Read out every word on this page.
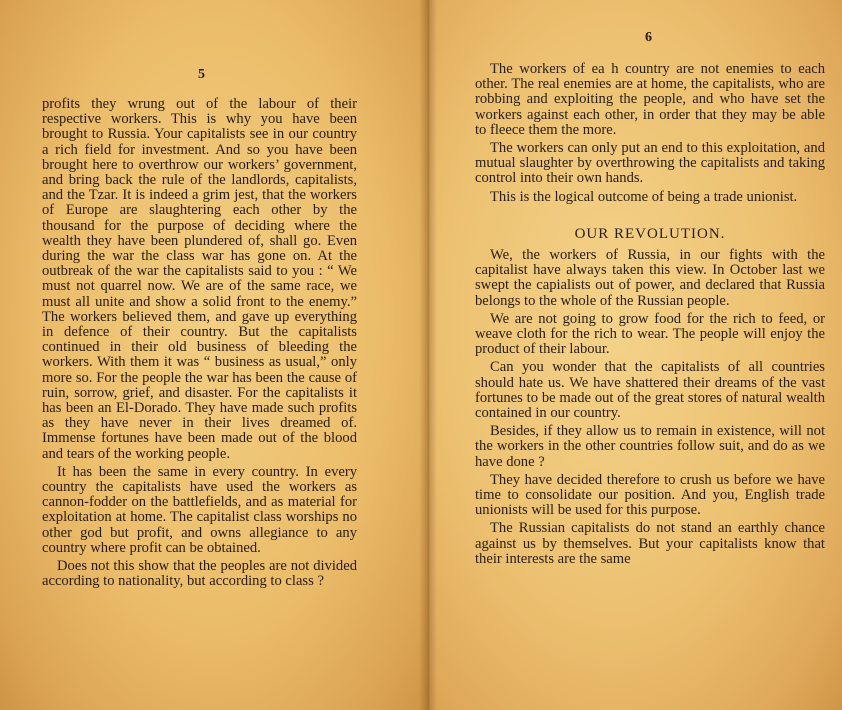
5

profits they wrung out of the labour of their respective workers. This is why you have been brought to Russia. Your capitalists see in our country a rich field for investment. And so you have been brought here to overthrow our workers’ government, and bring back the rule of the landlords, capitalists, and the Tzar. It is indeed a grim jest, that the workers of Europe are slaughtering each other by the thousand for the purpose of deciding where the wealth they have been plundered of, shall go. Even during the war the class war has gone on. At the outbreak of the war the capitalists said to you : “ We must not quarrel now. We are of the same race, we must all unite and show a solid front to the enemy.” The workers believed them, and gave up everything in defence of their country. But the capitalists continued in their old business of bleeding the workers. With them it was “ business as usual,” only more so. For the people the war has been the cause of ruin, sorrow, grief, and disaster. For the capitalists it has been an El-Dorado. They have made such profits as they have never in their lives dreamed of. Immense fortunes have been made out of the blood and tears of the working people.

It has been the same in every country. In every country the capitalists have used the workers as cannon-fodder on the battlefields, and as material for exploitation at home. The capitalist class worships no other god but profit, and owns allegiance to any country where profit can be obtained.

Does not this show that the peoples are not divided according to nationality, but according to class ?

6

The workers of ea h country are not enemies to each other. The real enemies are at home, the capitalists, who are robbing and exploiting the people, and who have set the workers against each other, in order that they may be able to fleece them the more.

The workers can only put an end to this exploitation, and mutual slaughter by overthrowing the capitalists and taking control into their own hands.

This is the logical outcome of being a trade unionist.

OUR REVOLUTION.

We, the workers of Russia, in our fights with the capitalist have always taken this view. In October last we swept the capialists out of power, and declared that Russia belongs to the whole of the Russian people.

We are not going to grow food for the rich to feed, or weave cloth for the rich to wear. The people will enjoy the product of their labour.

Can you wonder that the capitalists of all countries should hate us. We have shattered their dreams of the vast fortunes to be made out of the great stores of natural wealth contained in our country.

Besides, if they allow us to remain in existence, will not the workers in the other countries follow suit, and do as we have done ?

They have decided therefore to crush us before we have time to consolidate our position. And you, English trade unionists will be used for this purpose.

The Russian capitalists do not stand an earthly chance against us by themselves. But your capitalists know that their interests are the same
